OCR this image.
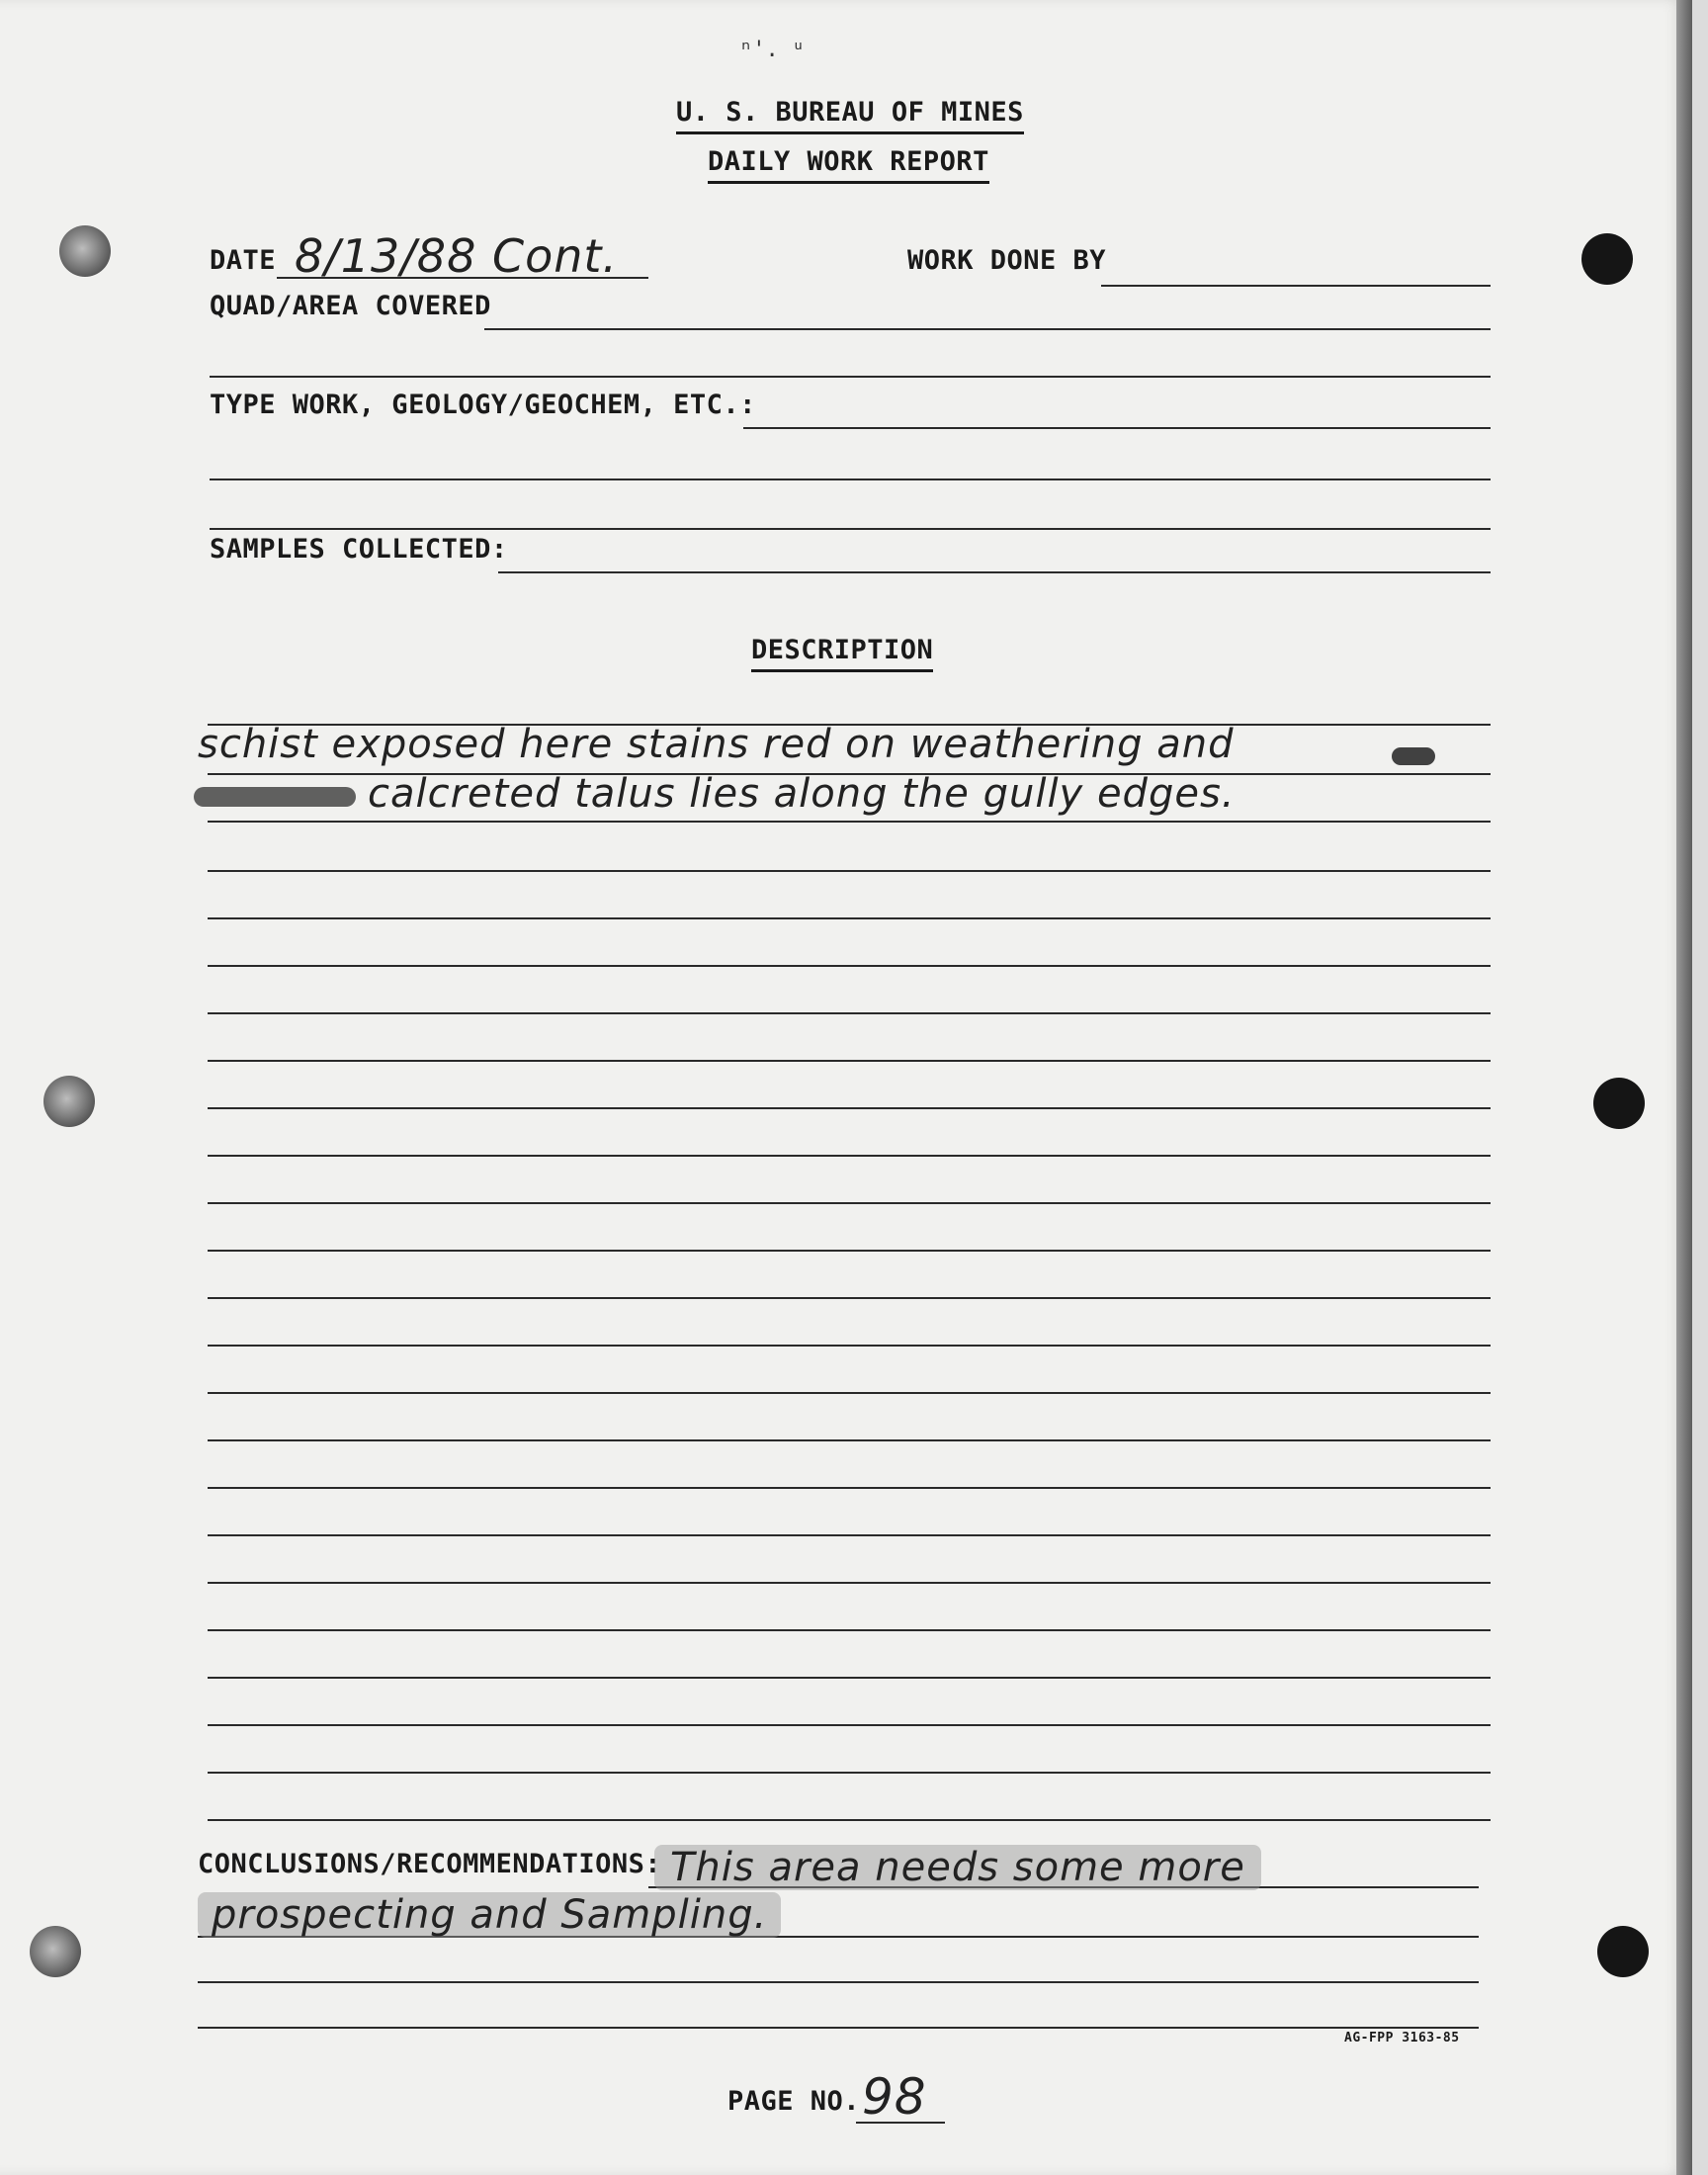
ⁿ'. ᵘ
U. S. BUREAU OF MINES
DAILY WORK REPORT
DATE 8/13/88 Cont.	WORK DONE BY
QUAD/AREA COVERED
TYPE WORK, GEOLOGY/GEOCHEM, ETC.:
SAMPLES COLLECTED:
DESCRIPTION
schist exposed here stains red on weathering and
calcreted talus lies along the gully edges.
CONCLUSIONS/RECOMMENDATIONS: This area needs some more
prospecting and Sampling.
AG-FPP 3163-85
PAGE NO. 98
